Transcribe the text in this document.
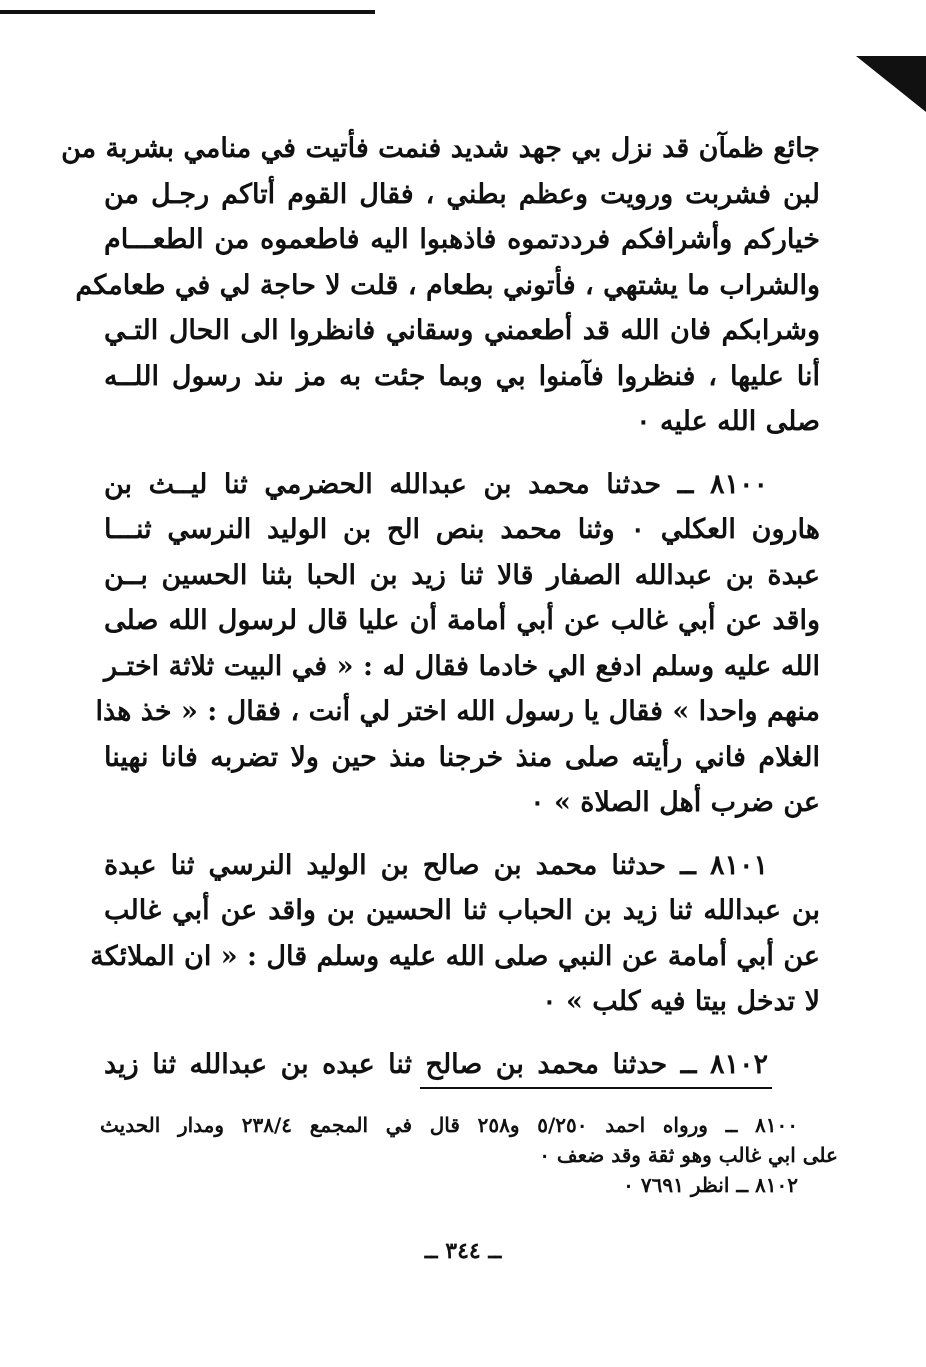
جائع ظمآن قد نزل بي جهد شديد فنمت فأتيت في منامي بشربة من
لبن فشربت ورويت وعظم بطني ، فقال القوم أتاكم رجـل من
خياركم وأشرافكم فرددتموه فاذهبوا اليه فاطعموه من الطعـــام
والشراب ما يشتهي ، فأتوني بطعام ، قلت لا حاجة لي في طعامكم
وشرابكم فان الله قد أطعمني وسقاني فانظروا الى الحال التـي
أنا عليها ، فنظروا فآمنوا بي وبما جئت به مز ىند رسول اللــه
صلى الله عليه ٠
٨١٠٠ ــ حدثنا محمد بن عبدالله الحضرمي ثنا ليــث بن
هارون العكلي ٠ وثنا محمد بنص الح بن الوليد النرسي ثنـــا
عبدة بن عبدالله الصفار قالا ثنا زيد بن الحبا بثنا الحسين بــن
واقد عن أبي غالب عن أبي أمامة أن عليا قال لرسول الله صلى
الله عليه وسلم ادفع الي خادما فقال له : « في البيت ثلاثة اختـر
منهم واحدا » فقال يا رسول الله اختر لي أنت ، فقال : « خذ هذا
الغلام فاني رأيته صلى منذ خرجنا منذ حين ولا تضربه فانا نهينا
عن ضرب أهل الصلاة » ٠
٨١٠١ ــ حدثنا محمد بن صالح بن الوليد النرسي ثنا عبدة
بن عبدالله ثنا زيد بن الحباب ثنا الحسين بن واقد عن أبي غالب
عن أبي أمامة عن النبي صلى الله عليه وسلم قال : « ان الملائكة
لا تدخل بيتا فيه كلب » ٠
٨١٠٢ ــ حدثنا محمد بن صالح ثنا عبده بن عبدالله ثنا زيد
٨١٠٠ ــ ورواه احمد ٥/٢٥٠ و٢٥٨ قال في المجمع ٢٣٨/٤ ومدار الحديث
على ابي غالب وهو ثقة وقد ضعف ٠
٨١٠٢ ــ انظر ٧٦٩١ ٠
ــ ٣٤٤ ــ
